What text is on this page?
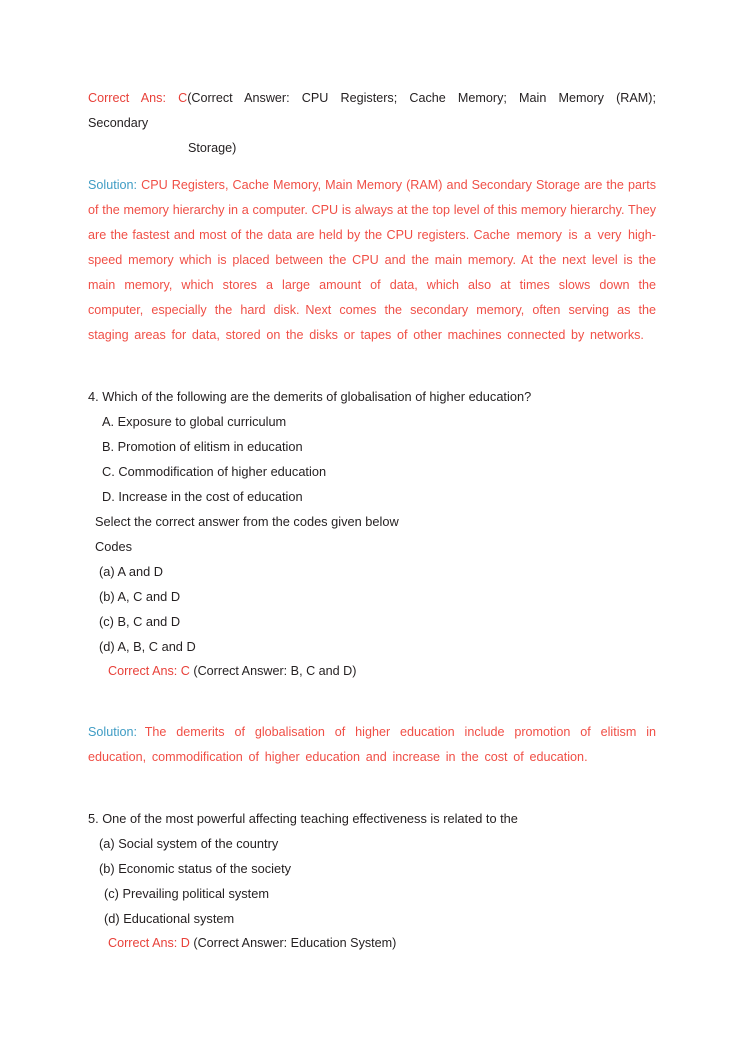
Correct Ans: C(Correct Answer: CPU Registers; Cache Memory; Main Memory (RAM); Secondary
Storage)

Solution: CPU Registers, Cache Memory, Main Memory (RAM) and Secondary Storage are the parts of the memory hierarchy in a computer. CPU is always at the top level of this memory hierarchy. They are the fastest and most of the data are held by the CPU registers. Cache memory is a very high-speed memory which is placed between the CPU and the main memory. At the next level is the main memory, which stores a large amount of data, which also at times slows down the computer, especially the hard disk. Next comes the secondary memory, often serving as the staging areas for data, stored on the disks or tapes of other machines connected by networks.

4. Which of the following are the demerits of globalisation of higher education?
A. Exposure to global curriculum
B. Promotion of elitism in education
C. Commodification of higher education
D. Increase in the cost of education
Select the correct answer from the codes given below
Codes
(a) A and D
(b) A, C and D
(c) B, C and D
(d) A, B, C and D
Correct Ans: C (Correct Answer: B, C and D)

Solution: The demerits of globalisation of higher education include promotion of elitism in education, commodification of higher education and increase in the cost of education.

5. One of the most powerful affecting teaching effectiveness is related to the
(a) Social system of the country
(b) Economic status of the society
(c) Prevailing political system
(d) Educational system
Correct Ans: D (Correct Answer: Education System)
